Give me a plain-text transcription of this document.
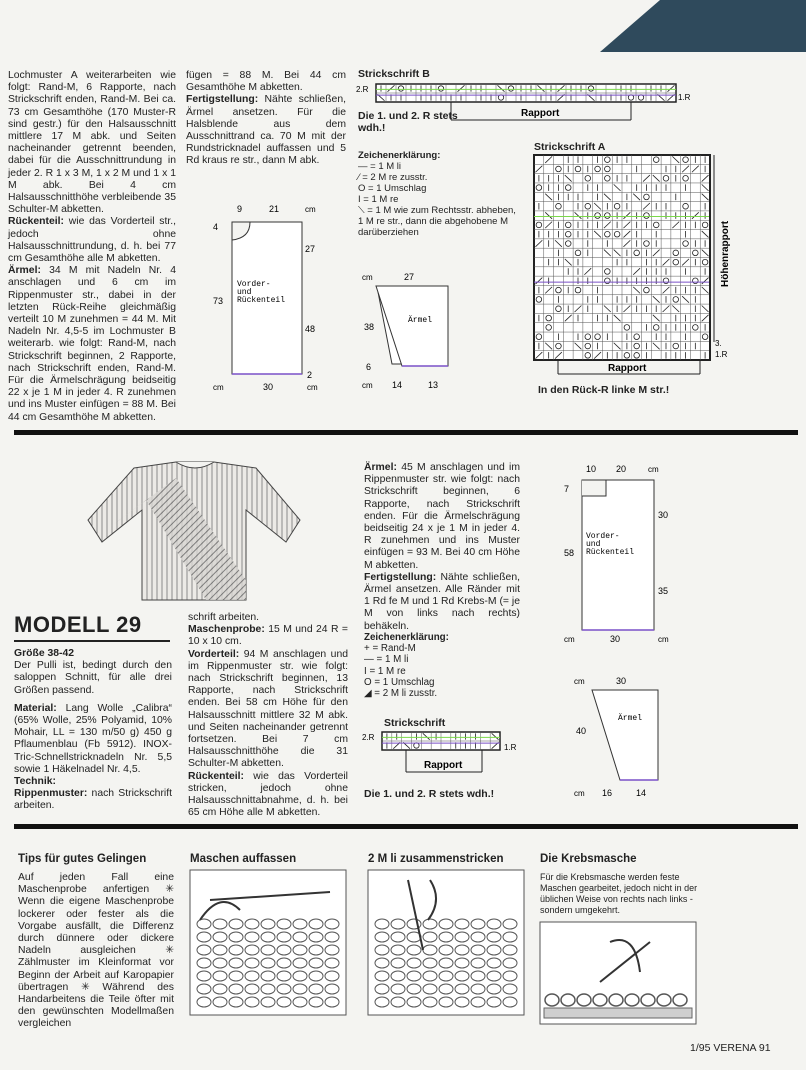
Lochmuster A weiterarbeiten wie folgt: Rand-M, 6 Rapporte, nach Strickschrift enden, Rand-M. Bei ca. 73 cm Gesamthöhe (170 Muster-R sind gestr.) für den Halsausschnitt mittlere 17 M abk. und Seiten nacheinander getrennt beenden, dabei für die Ausschnittrundung in jeder 2. R 1 x 3 M, 1 x 2 M und 1 x 1 M abk. Bei 4 cm Halsausschnitthöhe verbleibende 35 Schulter-M abketten.

Rückenteil: wie das Vorderteil str., jedoch ohne Halsausschnittrundung, d. h. bei 77 cm Gesamthöhe alle M abketten.

Ärmel: 34 M mit Nadeln Nr. 4 anschlagen und 6 cm im Rippenmuster str., dabei in der letzten Rück-Reihe gleichmäßig verteilt 10 M zunehmen = 44 M. Mit Nadeln Nr. 4,5-5 im Lochmuster B weiterarb. wie folgt: Rand-M, nach Strickschrift beginnen, 2 Rapporte, nach Strickschrift enden, Rand-M. Für die Ärmelschrägung beidseitig 22 x je 1 M in jeder 4. R zunehmen und ins Muster einfügen = 88 M. Bei 44 cm Gesamthöhe M abketten.

fügen = 88 M. Bei 44 cm Gesamthöhe M abketten.

Fertigstellung: Nähte schließen, Ärmel ansetzen. Für die Halsblende aus dem Ausschnittrand ca. 70 M mit der Rundstricknadel auffassen und 5 Rd kraus re str., dann M abk.

9	21	cm
4
73
27
48
2
30
cm	cm
Vorder-
und
Rückenteil
Strickschrift B
2.R
1.R
Rapport
Die 1. und 2. R stets wdh.!
Zeichenerklärung:
— = 1 M li
⁄ = 2 M re zusstr.
O = 1 Umschlag
I = 1 M re
⟍ = 1 M wie zum Rechtsstr. abheben, 1 M re str., dann die abgehobene M darüberziehen
Strickschrift A
3.
1.R
Rapport
Höhenrapport
In den Rück-R linke M str.!
cm	27
38
6
cm 14	13
Ärmel
MODELL 29

Größe 38-42

Der Pulli ist, bedingt durch den saloppen Schnitt, für alle drei Größen passend.

Material: Lang Wolle „Calibra“ (65% Wolle, 25% Polyamid, 10% Mohair, LL = 130 m/50 g) 450 g Pflaumenblau (Fb 5912). INOX-Tric-Schnellstricknadeln Nr. 5,5 sowie 1 Häkelnadel Nr. 4,5.

Technik:

Rippenmuster: nach Strickschrift arbeiten.

schrift arbeiten.

Maschenprobe: 15 M und 24 R = 10 x 10 cm.

Vorderteil: 94 M anschlagen und im Rippenmuster str. wie folgt: nach Strickschrift beginnen, 13 Rapporte, nach Strickschrift enden. Bei 58 cm Höhe für den Halsausschnitt mittlere 32 M abk. und Seiten nacheinander getrennt fortsetzen. Bei 7 cm Halsausschnitthöhe die 31 Schulter-M abketten.

Rückenteil: wie das Vorderteil stricken, jedoch ohne Halsausschnittabnahme, d. h. bei 65 cm Höhe alle M abketten.

Ärmel: 45 M anschlagen und im Rippenmuster str. wie folgt: nach Strickschrift beginnen, 6 Rapporte, nach Strickschrift enden. Für die Ärmelschrägung beidseitig 24 x je 1 M in jeder 4. R zunehmen und ins Muster einfügen = 93 M. Bei 40 cm Höhe M abketten.

Fertigstellung: Nähte schließen, Ärmel ansetzen. Alle Ränder mit 1 Rd fe M und 1 Rd Krebs-M (= je M von links nach rechts) behäkeln.

Zeichenerklärung:
+ = Rand-M
— = 1 M li
I = 1 M re
O = 1 Umschlag
◢ = 2 M li zusstr.
Strickschrift
2.R
1.R
Rapport
Die 1. und 2. R stets wdh.!
10 20	cm
7
58
30
35
30
cm	cm
Vorder-
und
Rückenteil
cm	30
40
cm 16	14
Ärmel
Tips für gutes Gelingen
Auf jeden Fall eine Maschenprobe anfertigen ✳ Wenn die eigene Maschenprobe lockerer oder fester als die Vorgabe ausfällt, die Differenz durch dünnere oder dickere Nadeln ausgleichen ✳ Zählmuster im Kleinformat vor Beginn der Arbeit auf Karopapier übertragen ✳ Während des Handarbeitens die Teile öfter mit den gewünschten Modellmaßen vergleichen
Maschen auffassen	2 M li zusammenstricken	Die Krebsmasche
Für die Krebsmasche werden feste Maschen gearbeitet, jedoch nicht in der üblichen Weise von rechts nach links - sondern umgekehrt.
1/95 VERENA 91
